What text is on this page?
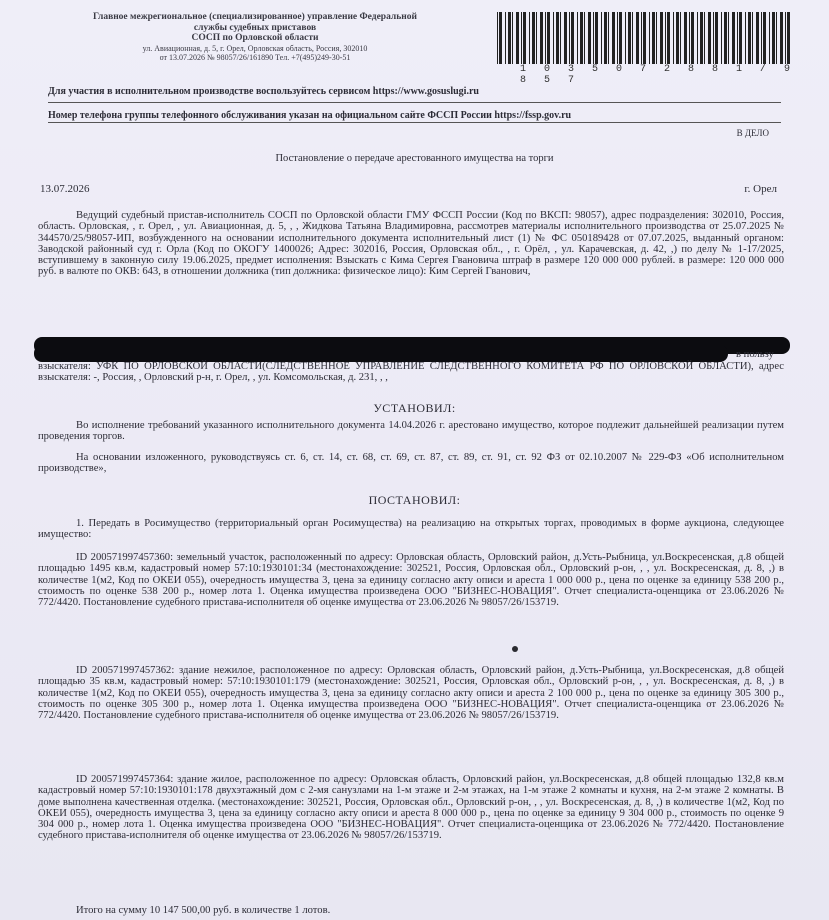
Главное межрегиональное (специализированное) управление Федеральной
службы судебных приставов
СОСП по Орловской области
ул. Авиационная, д. 5, г. Орел, Орловская область, Россия, 302010
от 13.07.2026 № 98057/26/161890 Тел. +7(495)249-30-51
1 0 3 5 0 7 2 8 8 1 / 9 8 5 7
Для участия в исполнительном производстве воспользуйтесь сервисом https://www.gosuslugi.ru
Номер телефона группы телефонного обслуживания указан на официальном сайте ФССП России https://fssp.gov.ru
В ДЕЛО
Постановление о передаче арестованного имущества на торги
13.07.2026	г. Орел

Ведущий судебный пристав-исполнитель СОСП по Орловской области ГМУ ФССП России (Код по ВКСП: 98057), адрес подразделения: 302010, Россия, область. Орловская, , г. Орел, , ул. Авиационная, д. 5, , , Жидкова Татьяна Владимировна, рассмотрев материалы исполнительного производства от 25.07.2025 № 344570/25/98057-ИП, возбужденного на основании исполнительного документа исполнительный лист (1) № ФС 050189428 от 07.07.2025, выданный органом: Заводской районный суд г. Орла (Код по ОКОГУ 1400026; Адрес: 302016, Россия, Орловская обл., , г. Орёл, , ул. Карачевская, д. 42, ,) по делу № 1-17/2025, вступившему в законную силу 19.06.2025, предмет исполнения: Взыскать с Кима Сергея Гвановича штраф в размере 120 000 000 рублей. в размере: 120 000 000 руб. в валюте по ОКВ: 643, в отношении должника (тип должника: физическое лицо): Ким Сергей Гванович,

в пользу

взыскателя: УФК ПО ОРЛОВСКОЙ ОБЛАСТИ(СЛЕДСТВЕННОЕ УПРАВЛЕНИЕ СЛЕДСТВЕННОГО КОМИТЕТА РФ ПО ОРЛОВСКОЙ ОБЛАСТИ), адрес взыскателя: -, Россия, , Орловский р-н, г. Орел, , ул. Комсомольская, д. 231, , ,

УСТАНОВИЛ:

Во исполнение требований указанного исполнительного документа 14.04.2026 г. арестовано имущество, которое подлежит дальнейшей реализации путем проведения торгов.

На основании изложенного, руководствуясь ст. 6, ст. 14, ст. 68, ст. 69, ст. 87, ст. 89, ст. 91, ст. 92 ФЗ от 02.10.2007 № 229-ФЗ «Об исполнительном производстве»,

ПОСТАНОВИЛ:

1. Передать в Росимущество (территориальный орган Росимущества) на реализацию на открытых торгах, проводимых в форме аукциона, следующее имущество:

ID 200571997457360: земельный участок, расположенный по адресу: Орловская область, Орловский район, д.Усть-Рыбница, ул.Воскресенская, д.8 общей площадью 1495 кв.м, кадастровый номер 57:10:1930101:34 (местонахождение: 302521, Россия, Орловская обл., Орловский р-он, , , ул. Воскресенская, д. 8, ,) в количестве 1(м2, Код по ОКЕИ 055), очередность имущества 3, цена за единицу согласно акту описи и ареста 1 000 000 р., цена по оценке за единицу 538 200 р., стоимость по оценке 538 200 р., номер лота 1. Оценка имущества произведена ООО "БИЗНЕС-НОВАЦИЯ". Отчет специалиста-оценщика от 23.06.2026 № 772/4420. Постановление судебного пристава-исполнителя об оценке имущества от 23.06.2026 № 98057/26/153719.

ID 200571997457362: здание нежилое, расположенное по адресу: Орловская область, Орловский район, д.Усть-Рыбница, ул.Воскресенская, д.8 общей площадью 35 кв.м, кадастровый номер: 57:10:1930101:179 (местонахождение: 302521, Россия, Орловская обл., Орловский р-он, , , ул. Воскресенская, д. 8, ,) в количестве 1(м2, Код по ОКЕИ 055), очередность имущества 3, цена за единицу согласно акту описи и ареста 2 100 000 р., цена по оценке за единицу 305 300 р., стоимость по оценке 305 300 р., номер лота 1. Оценка имущества произведена ООО "БИЗНЕС-НОВАЦИЯ". Отчет специалиста-оценщика от 23.06.2026 № 772/4420. Постановление судебного пристава-исполнителя об оценке имущества от 23.06.2026 № 98057/26/153719.

ID 200571997457364: здание жилое, расположенное по адресу: Орловская область, Орловский район, ул.Воскресенская, д.8 общей площадью 132,8 кв.м кадастровый номер 57:10:1930101:178 двухэтажный дом с 2-мя санузлами на 1-м этаже и 2-м этажах, на 1-м этаже 2 комнаты и кухня, на 2-м этаже 2 комнаты. В доме выполнена качественная отделка. (местонахождение: 302521, Россия, Орловская обл., Орловский р-он, , , ул. Воскресенская, д. 8, ,) в количестве 1(м2, Код по ОКЕИ 055), очередность имущества 3, цена за единицу согласно акту описи и ареста 8 000 000 р., цена по оценке за единицу 9 304 000 р., стоимость по оценке 9 304 000 р., номер лота 1. Оценка имущества произведена ООО "БИЗНЕС-НОВАЦИЯ". Отчет специалиста-оценщика от 23.06.2026 № 772/4420. Постановление судебного пристава-исполнителя об оценке имущества от 23.06.2026 № 98057/26/153719.

Итого на сумму 10 147 500,00 руб. в количестве 1 лотов.
